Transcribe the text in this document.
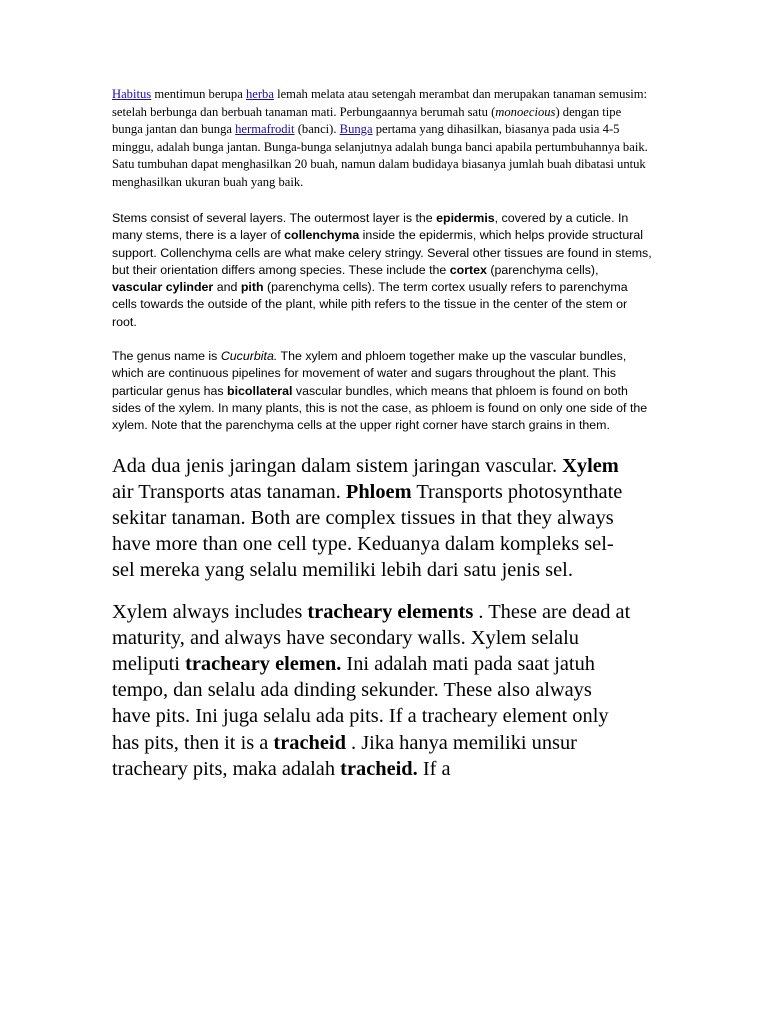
Habitus mentimun berupa herba lemah melata atau setengah merambat dan merupakan tanaman semusim: setelah berbunga dan berbuah tanaman mati. Perbungaannya berumah satu (monoecious) dengan tipe bunga jantan dan bunga hermafrodit (banci). Bunga pertama yang dihasilkan, biasanya pada usia 4-5 minggu, adalah bunga jantan. Bunga-bunga selanjutnya adalah bunga banci apabila pertumbuhannya baik. Satu tumbuhan dapat menghasilkan 20 buah, namun dalam budidaya biasanya jumlah buah dibatasi untuk menghasilkan ukuran buah yang baik.

Stems consist of several layers. The outermost layer is the epidermis, covered by a cuticle. In many stems, there is a layer of collenchyma inside the epidermis, which helps provide structural support. Collenchyma cells are what make celery stringy. Several other tissues are found in stems, but their orientation differs among species. These include the cortex (parenchyma cells), vascular cylinder and pith (parenchyma cells). The term cortex usually refers to parenchyma cells towards the outside of the plant, while pith refers to the tissue in the center of the stem or root.

The genus name is Cucurbita. The xylem and phloem together make up the vascular bundles, which are continuous pipelines for movement of water and sugars throughout the plant. This particular genus has bicollateral vascular bundles, which means that phloem is found on both sides of the xylem. In many plants, this is not the case, as phloem is found on only one side of the xylem. Note that the parenchyma cells at the upper right corner have starch grains in them.

Ada dua jenis jaringan dalam sistem jaringan vascular. Xylem air Transports atas tanaman. Phloem Transports photosynthate sekitar tanaman. Both are complex tissues in that they always have more than one cell type. Keduanya dalam kompleks sel-sel mereka yang selalu memiliki lebih dari satu jenis sel.

Xylem always includes tracheary elements . These are dead at maturity, and always have secondary walls. Xylem selalu meliputi tracheary elemen. Ini adalah mati pada saat jatuh tempo, dan selalu ada dinding sekunder. These also always have pits. Ini juga selalu ada pits. If a tracheary element only has pits, then it is a tracheid . Jika hanya memiliki unsur tracheary pits, maka adalah tracheid. If a
